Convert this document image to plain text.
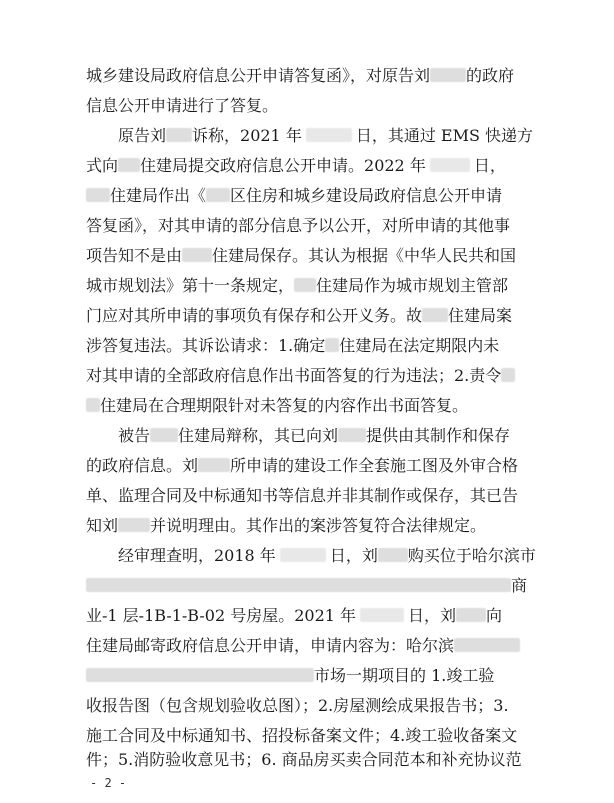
城乡建设局政府信息公开申请答复函》，对原告刘 的政府
信息公开申请进行了答复。
原告刘 诉称，2021 年	日，其通过 EMS 快递方
式向 住建局提交政府信息公开申请。2022 年	日，
住建局作出《 区住房和城乡建设局政府信息公开申请
答复函》，对其申请的部分信息予以公开，对所申请的其他事
项告知不是由 住建局保存。其认为根据《中华人民共和国
城市规划法》第十一条规定， 住建局作为城市规划主管部
门应对其所申请的事项负有保存和公开义务。故 住建局案
涉答复违法。其诉讼请求：1.确定 住建局在法定期限内未
对其申请的全部政府信息作出书面答复的行为违法；2.责令
住建局在合理期限针对未答复的内容作出书面答复。
被告 住建局辩称，其已向刘 提供由其制作和保存
的政府信息。刘 所申请的建设工作全套施工图及外审合格
单、监理合同及中标通知书等信息并非其制作或保存，其已告
知刘 并说明理由。其作出的案涉答复符合法律规定。
经审理查明，2018 年	日，刘 购买位于哈尔滨市
商
业-1 层-1B-1-B-02 号房屋。2021 年	日，刘 向
住建局邮寄政府信息公开申请，申请内容为：哈尔滨
市场一期项目的 1.竣工验
收报告图（包含规划验收总图）；2.房屋测绘成果报告书；3.
施工合同及中标通知书、招投标备案文件；4.竣工验收备案文
件；5.消防验收意见书；6. 商品房买卖合同范本和补充协议范
- 2 -
